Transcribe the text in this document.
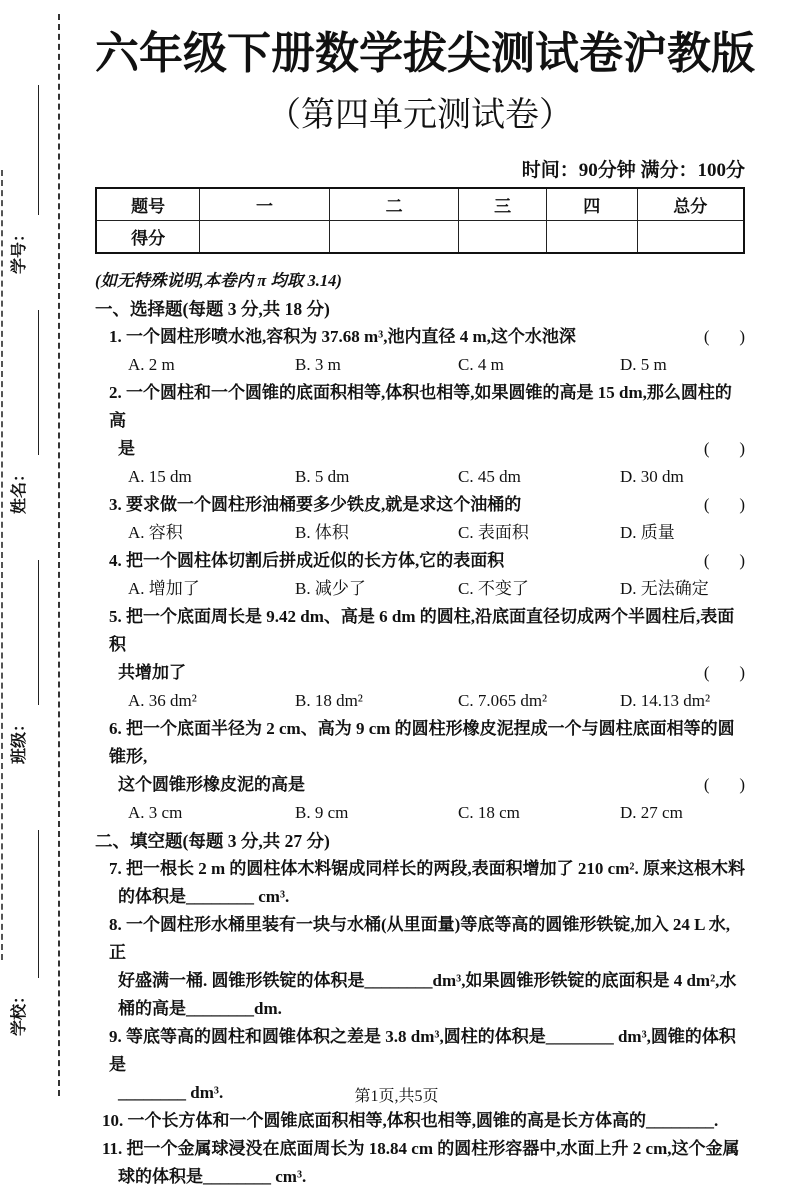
学号：
姓名：
班级：
学校：
六年级下册数学拔尖测试卷沪教版
（第四单元测试卷）
时间：90分钟 满分：100分
题号	一	二	三	四	总分
得分					
(如无特殊说明,本卷内 π 均取 3.14)
一、选择题(每题 3 分,共 18 分)
1. 一个圆柱形喷水池,容积为 37.68 m³,池内直径 4 m,这个水池深	(       )
A. 2 m	B. 3 m	C. 4 m	D. 5 m
2. 一个圆柱和一个圆锥的底面积相等,体积也相等,如果圆锥的高是 15 dm,那么圆柱的高
是	(       )
A. 15 dm	B. 5 dm	C. 45 dm	D. 30 dm
3. 要求做一个圆柱形油桶要多少铁皮,就是求这个油桶的	(       )
A. 容积	B. 体积	C. 表面积	D. 质量
4. 把一个圆柱体切割后拼成近似的长方体,它的表面积	(       )
A. 增加了	B. 减少了	C. 不变了	D. 无法确定
5. 把一个底面周长是 9.42 dm、高是 6 dm 的圆柱,沿底面直径切成两个半圆柱后,表面积
共增加了	(       )
A. 36 dm²	B. 18 dm²	C. 7.065 dm²	D. 14.13 dm²
6. 把一个底面半径为 2 cm、高为 9 cm 的圆柱形橡皮泥捏成一个与圆柱底面相等的圆锥形,
这个圆锥形橡皮泥的高是	(       )
A. 3 cm	B. 9 cm	C. 18 cm	D. 27 cm
二、填空题(每题 3 分,共 27 分)
7. 把一根长 2 m 的圆柱体木料锯成同样长的两段,表面积增加了 210 cm². 原来这根木料
的体积是________ cm³.
8. 一个圆柱形水桶里装有一块与水桶(从里面量)等底等高的圆锥形铁锭,加入 24 L 水,正
好盛满一桶. 圆锥形铁锭的体积是________dm³,如果圆锥形铁锭的底面积是 4 dm²,水
桶的高是________dm.
9. 等底等高的圆柱和圆锥体积之差是 3.8 dm³,圆柱的体积是________ dm³,圆锥的体积是
________ dm³.
10. 一个长方体和一个圆锥底面积相等,体积也相等,圆锥的高是长方体高的________.
11. 把一个金属球浸没在底面周长为 18.84 cm 的圆柱形容器中,水面上升 2 cm,这个金属
球的体积是________ cm³.
第1页,共5页
